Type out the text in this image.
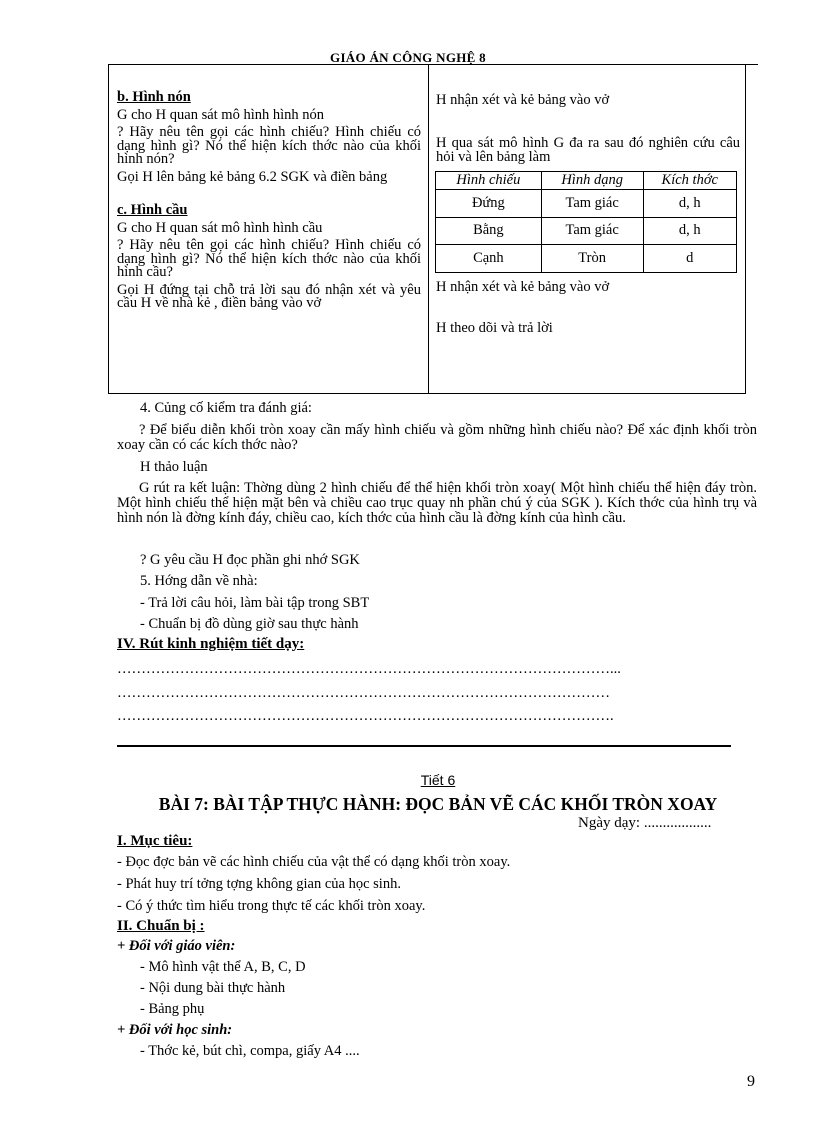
GIÁO ÁN CÔNG NGHỆ 8
b. Hình nón

G cho H quan sát mô hình hình nón

? Hãy nêu tên gọi các hình chiếu? Hình chiếu có dạng hình gì? Nó thể hiện kích thớc nào của khối hình nón?

Gọi H lên bảng kẻ bảng 6.2 SGK và điền bảng

c. Hình cầu

G cho H quan sát mô hình hình cầu

? Hãy nêu tên gọi các hình chiếu? Hình chiếu có dạng hình gì? Nó thể hiện kích thớc nào của khối hình cầu?

Gọi H đứng tại chỗ trả lời sau đó nhận xét và yêu cầu H về nhà kẻ , điền bảng vào vở

H nhận xét và kẻ bảng vào vở
H qua sát mô hình G đa ra sau đó nghiên cứu câu hỏi và lên bảng làm
Hình chiếu	Hình dạng	Kích thớc
Đứng	Tam giác	d, h
Bằng	Tam giác	d, h
Cạnh	Tròn	d
H nhận xét và kẻ bảng vào vở
H theo dõi và trả lời
4. Củng cố kiểm tra đánh giá:
? Để biểu diễn khối tròn xoay cần mấy hình chiếu và gồm những hình chiếu nào? Để xác định khối tròn xoay cần có các kích thớc nào?
H thảo luận
G rút ra kết luận: Thờng dùng 2 hình chiếu để thể hiện khối tròn xoay( Một hình chiếu thể hiện đáy tròn. Một hình chiếu thể hiện mặt bên và chiều cao trục quay nh phần chú ý của SGK ). Kích thớc của hình trụ và hình nón là đờng kính đáy, chiều cao, kích thớc của hình cầu là đờng kính của hình cầu.
? G yêu cầu H đọc phần ghi nhớ SGK
5. Hớng dẫn về nhà:
- Trả lời câu hỏi, làm bài tập trong SBT
- Chuẩn bị đồ dùng giờ sau thực hành
IV. Rút kinh nghiệm tiết dạy:
…………………………………………………………………………………………...
…………………………………………………………………………………………
………………………………………………………………………………………….
Tiết 6
BÀI 7: BÀI TẬP THỰC HÀNH: ĐỌC BẢN VẼ CÁC KHỐI TRÒN XOAY
Ngày dạy: ..................
I. Mục tiêu:
- Đọc đợc bản vẽ các hình chiếu của vật thể có dạng khối tròn xoay.
- Phát huy trí tởng tợng không gian của học sinh.
- Có ý thức tìm hiểu trong thực tế các khối tròn xoay.
II. Chuẩn bị :
+ Đối với giáo viên:
- Mô hình vật thể A, B, C, D
- Nội dung bài thực hành
- Bảng phụ
+ Đối với học sinh:
- Thớc kẻ, bút chì, compa, giấy A4 ....
9
